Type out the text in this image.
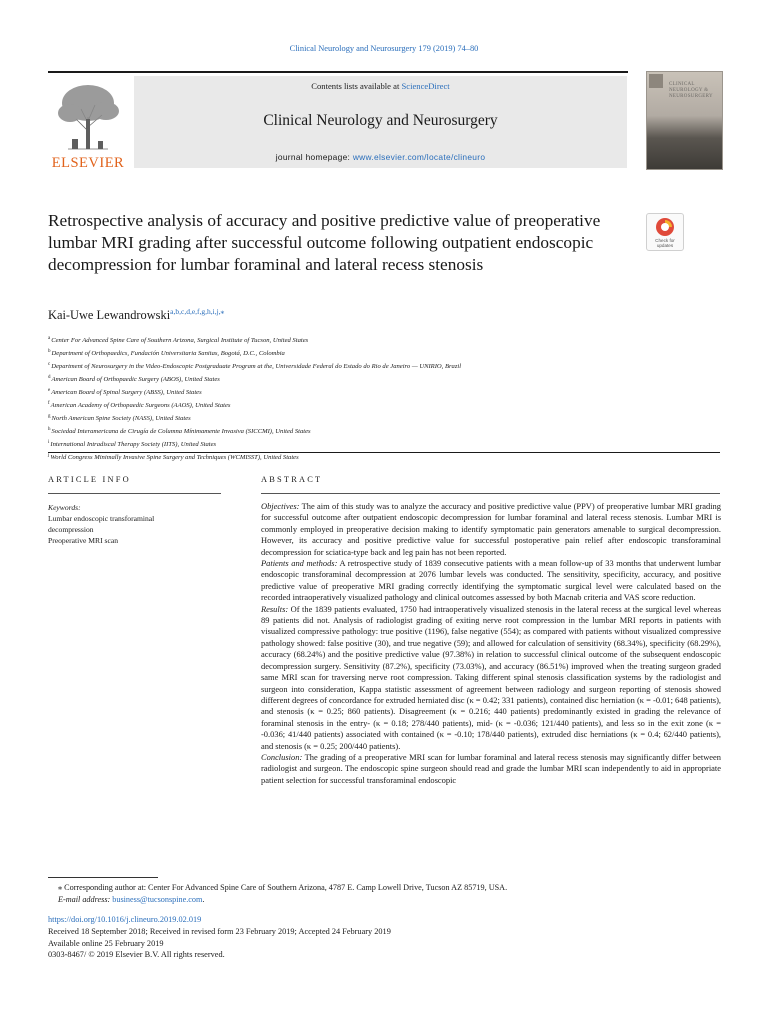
Clinical Neurology and Neurosurgery 179 (2019) 74–80
ELSEVIER
Contents lists available at ScienceDirect
Clinical Neurology and Neurosurgery
journal homepage: www.elsevier.com/locate/clineuro
CLINICAL NEUROLOGY & NEUROSURGERY
Retrospective analysis of accuracy and positive predictive value of preoperative lumbar MRI grading after successful outcome following outpatient endoscopic decompression for lumbar foraminal and lateral recess stenosis
Check for updates
Kai-Uwe Lewandrowski$^{a,b,c,d,e,f,g,h,i,j,⁎}$
$^a$Center For Advanced Spine Care of Southern Arizona, Surgical Institute of Tucson, United States
$^b$Department of Orthopaedics, Fundación Universitaria Sanitas, Bogotá, D.C., Colombia
$^c$Department of Neurosurgery in the Video-Endoscopic Postgraduate Program at the, Universidade Federal do Estado do Rio de Janeiro — UNIRIO, Brazil
$^d$American Board of Orthopaedic Surgery (ABOS), United States
$^e$American Board of Spinal Surgery (ABSS), United States
$^f$American Academy of Orthopaedic Surgeons (AAOS), United States
$^g$North American Spine Society (NASS), United States
$^h$Sociedad Interamericana de Cirugía de Columna Mínimamente Invasiva (SICCMI), United States
$^i$International Intradiscal Therapy Society (IITS), United States
$^j$World Congress Minimally Invasive Spine Surgery and Techniques (WCMISST), United States
ARTICLE INFO	ABSTRACT
Keywords:
Lumbar endoscopic transforaminal
decompression
Preoperative MRI scan

Objectives: The aim of this study was to analyze the accuracy and positive predictive value (PPV) of preoperative lumbar MRI grading for successful outcome after outpatient endoscopic decompression for lumbar foraminal and lateral recess stenosis. Lumbar MRI is commonly employed in preoperative decision making to identify symptomatic pain generators amenable to surgical decompression. However, its accuracy and positive predictive value for successful postoperative pain relief after endoscopic transforaminal decompression for sciatica-type back and leg pain has not been reported.

Patients and methods: A retrospective study of 1839 consecutive patients with a mean follow-up of 33 months that underwent lumbar endoscopic transforaminal decompression at 2076 lumbar levels was conducted. The sensitivity, specificity, accuracy, and positive predictive value of preoperative MRI grading correctly identifying the symptomatic surgical level were calculated based on the recorded intraoperatively visualized pathology and clinical outcomes assessed by both Macnab criteria and VAS score reduction.

Results: Of the 1839 patients evaluated, 1750 had intraoperatively visualized stenosis in the lateral recess at the surgical level whereas 89 patients did not. Analysis of radiologist grading of exiting nerve root compression in the lumbar MRI reports in patients with visualized compressive pathology: true positive (1196), false negative (554); as compared with patients without visualized compressive pathology showed: false positive (30), and true negative (59); and allowed for calculation of sensitivity (68.34%), specificity (68.29%), accuracy (68.24%) and the positive predictive value (97.38%) in relation to successful clinical outcome of the subsequent endoscopic decompression surgery. Sensitivity (87.2%), specificity (73.03%), and accuracy (86.51%) improved when the treating surgeon graded same MRI scan for traversing nerve root compression. Taking different spinal stenosis classification systems by the radiologist and surgeon into consideration, Kappa statistic assessment of agreement between radiology and surgeon reporting of stenosis showed different degrees of concordance for extruded herniated disc (κ = 0.42; 331 patients), contained disc herniation (κ = -0.01; 648 patients), and stenosis (κ = 0.25; 860 patients). Disagreement (κ = 0.216; 440 patients) predominantly existed in grading the relevance of foraminal stenosis in the entry- (κ = 0.18; 278/440 patients), mid- (κ = -0.036; 121/440 patients), and less so in the exit zone (κ = -0.036; 41/440 patients) associated with contained (κ = -0.10; 178/440 patients), extruded disc herniations (κ = 0.4; 62/440 patients), and stenosis (κ = 0.25; 200/440 patients).

Conclusion: The grading of a preoperative MRI scan for lumbar foraminal and lateral recess stenosis may significantly differ between radiologist and surgeon. The endoscopic spine surgeon should read and grade the lumbar MRI scan independently to aid in appropriate patient selection for successful transforaminal endoscopic

⁎ Corresponding author at: Center For Advanced Spine Care of Southern Arizona, 4787 E. Camp Lowell Drive, Tucson AZ 85719, USA.
E-mail address: business@tucsonspine.com.
https://doi.org/10.1016/j.clineuro.2019.02.019
Received 18 September 2018; Received in revised form 23 February 2019; Accepted 24 February 2019
Available online 25 February 2019
0303-8467/ © 2019 Elsevier B.V. All rights reserved.
